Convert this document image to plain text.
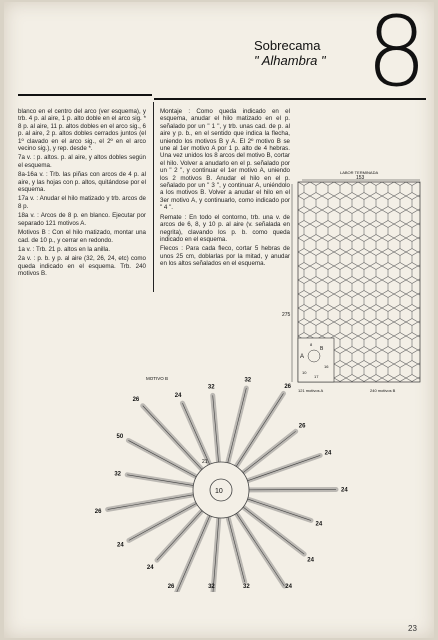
Sobrecama

" Alhambra " 8

blanco en el centro del arco (ver esquema), y trb. 4 p. al aire, 1 p. alto doble en el arco sig. * 8 p. al aire, 11 p. altos dobles en el arco sig., 6 p. al aire, 2 p. altos dobles cerrados juntos (el 1º clavado en el arco sig., el 2º en el arco vecino sig.), y rep. desde *.

7a v. : p. altos. p. al aire, y altos dobles según el esquema.

8a-16a v. : Trb. las piñas con arcos de 4 p. al aire, y las hojas con p. altos, quitándose por el esquema.

17a v. : Anudar el hilo matizado y trb. arcos de 8 p.

18a v. : Arcos de 8 p. en blanco. Ejecutar por separado 121 motivos A.

Motivos B : Con el hilo matizado, montar una cad. de 10 p., y cerrar en redondo.

1a v. : Trb. 21 p. altos en la anilla.

2a v. : p. b. y p. al aire (32, 26, 24, etc) como queda indicado en el esquema. Trb. 240 motivos B.

Montaje : Como queda indicado en el esquema, anudar el hilo matizado en el p. señalado por un " 1 ", y trb. unas cad. de p. al aire y p. b., en el sentido que indica la flecha, uniendo los motivos B y A. El 2º motivo B se une al 1er motivo A por 1 p. alto de 4 hebras. Una vez unidos los 8 arcos del motivo B, cortar el hilo. Volver a anudarlo en el p. señalado por un " 2 ", y continuar el 1er motivo A, uniendo los 2 motivos B. Anudar el hilo en el p. señalado por un " 3 ", y continuar A, uniéndolo a los motivos B. Volver a anudar el hilo en el 3er motivo A, y continuarlo, como indicado por " 4 ".

Remate : En todo el contorno, trb. una v. de arcos de 6, 8, y 10 p. al aire (v. señalada en negrita), clavando los p. b. como queda indicado en el esquema.

Flecos : Para cada fleco, cortar 5 hebras de unos 25 cm, doblarlas por la mitad, y anudar en los altos señalados en el esquema.

LABOR TERMINADA
153
275
A
B
8
10
16
17
121 motivos A	240 motivos B
MOTIVO B
10
21
32
32
26
26
24
24
24
24
24
32
32
26
24
24
26
32
50
26
24
23
